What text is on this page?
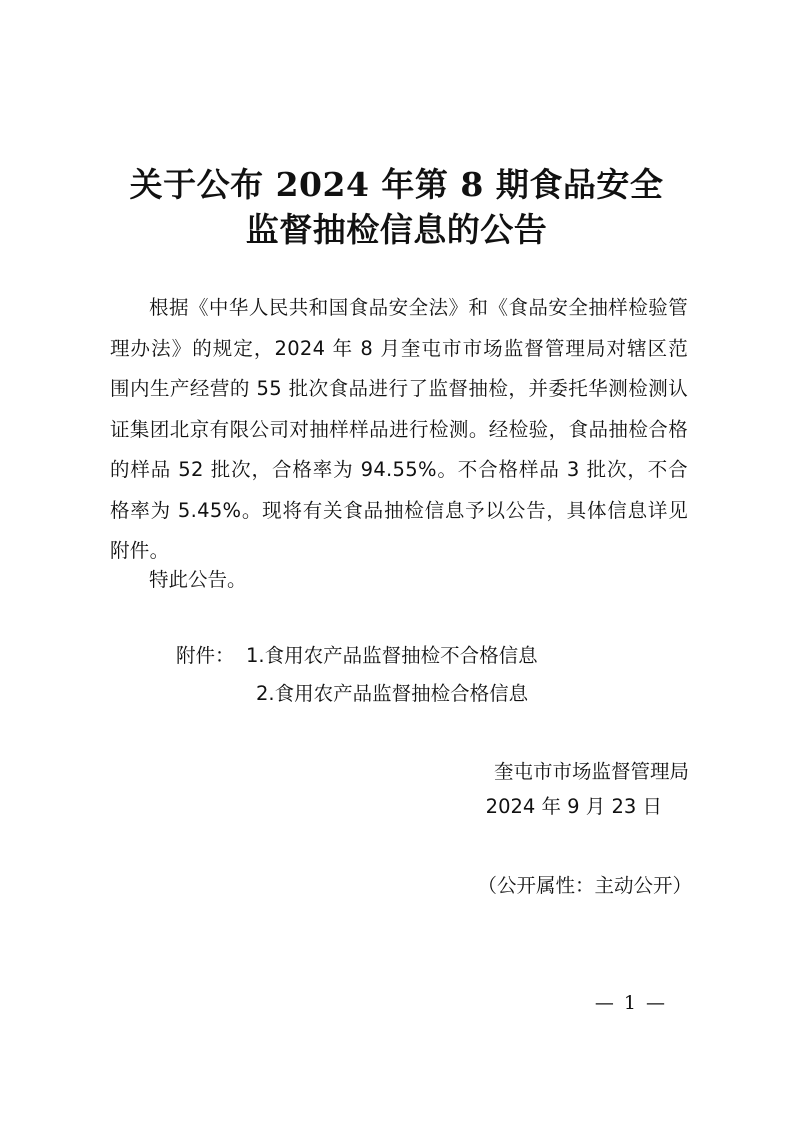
关于公布 2024 年第 8 期食品安全
监督抽检信息的公告

根据《中华人民共和国食品安全法》和《食品安全抽样检验管理办法》的规定，2024 年 8 月奎屯市市场监督管理局对辖区范围内生产经营的 55 批次食品进行了监督抽检，并委托华测检测认证集团北京有限公司对抽样样品进行检测。经检验，食品抽检合格的样品 52 批次，合格率为 94.55%。不合格样品 3 批次，不合格率为 5.45%。现将有关食品抽检信息予以公告，具体信息详见附件。

特此公告。

附件： 1.食用农产品监督抽检不合格信息
2.食用农产品监督抽检合格信息
奎屯市市场监督管理局
2024 年 9 月 23 日
（公开属性：主动公开）
— 1 —
